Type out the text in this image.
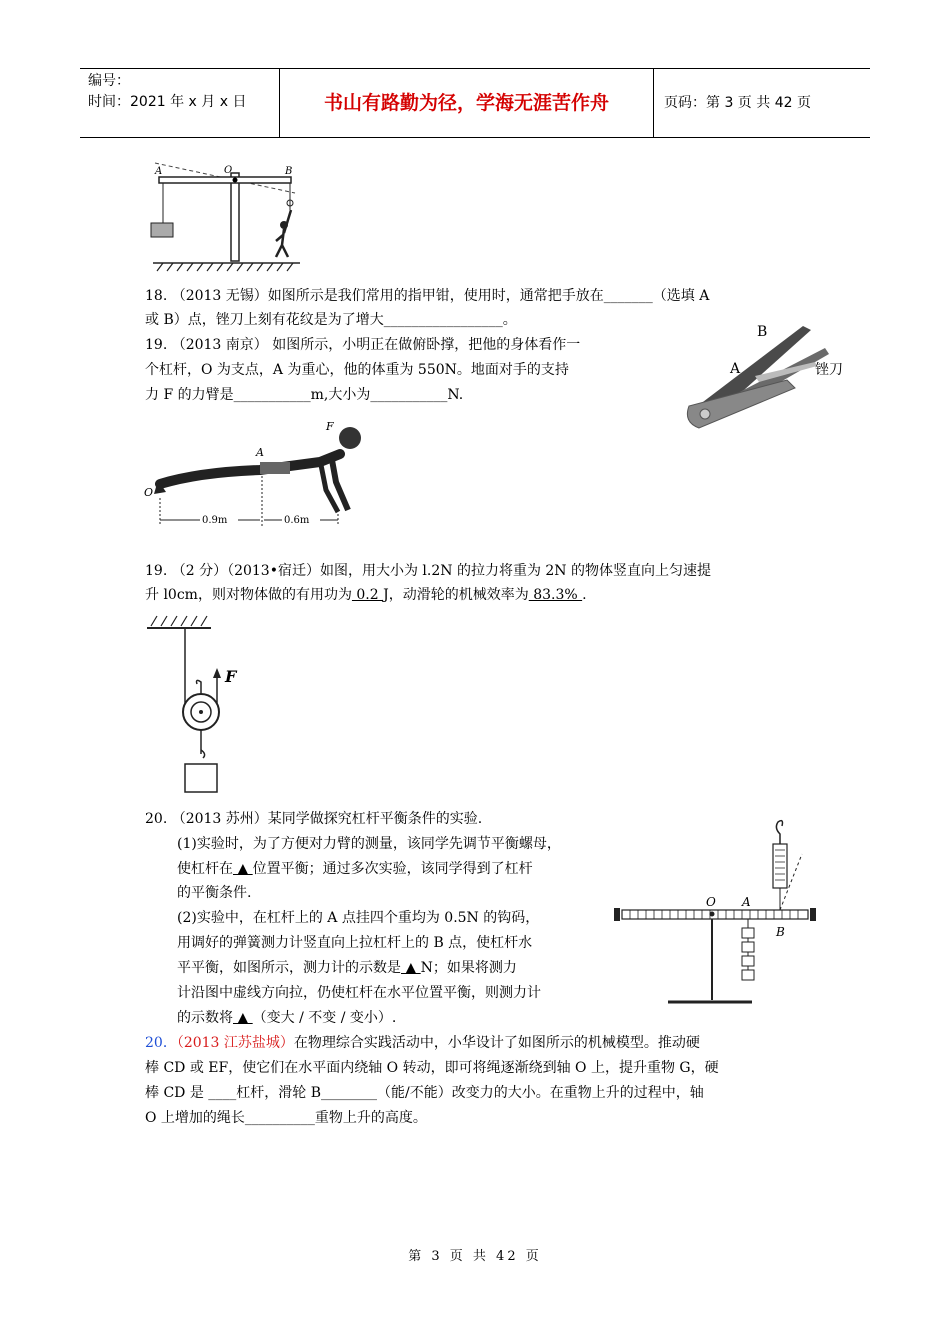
编号：
时间：2021 年 x 月 x 日	书山有路勤为径，学海无涯苦作舟	页码：第 3 页 共 42 页
A	O	B
18. （2013 无锡）如图所示是我们常用的指甲钳，使用时，通常把手放在_______（选填 A
或 B）点，锉刀上刻有花纹是为了增大_________________。
B
A	锉刀
19. （2013 南京） 如图所示，小明正在做俯卧撑，把他的身体看作一
个杠杆，O 为支点，A 为重心，他的体重为 550N。地面对手的支持
力 F 的力臂是___________m,大小为___________N.
O
A
F
0.9m	0.6m
19. （2 分）（2013•宿迁）如图，用大小为 l.2N 的拉力将重为 2N 的物体竖直向上匀速提
升 l0cm，则对物体做的有用功为 0.2 J，动滑轮的机械效率为 83.3% .
F
20. （2013 苏州）某同学做探究杠杆平衡条件的实验.
(1)实验时，为了方便对力臂的测量，该同学先调节平衡螺母，
使杠杆在 ▲ 位置平衡；通过多次实验，该同学得到了杠杆
的平衡条件.
(2)实验中，在杠杆上的 A 点挂四个重均为 0.5N 的钩码，
用调好的弹簧测力计竖直向上拉杠杆上的 B 点，使杠杆水
平平衡，如图所示，测力计的示数是 ▲ N；如果将测力
计沿图中虚线方向拉，仍使杠杆在水平位置平衡，则测力计
的示数将 ▲ （变大 / 不变 / 变小）.
O A
B
20．（2013 江苏盐城）在物理综合实践活动中，小华设计了如图所示的机械模型。推动硬
棒 CD 或 EF，使它们在水平面内绕轴 O 转动，即可将绳逐渐绕到轴 O 上，提升重物 G，硬
棒 CD 是 ____杠杆，滑轮 B________（能/不能）改变力的大小。在重物上升的过程中，轴
O 上增加的绳长__________重物上升的高度。
第 3 页 共 42 页
